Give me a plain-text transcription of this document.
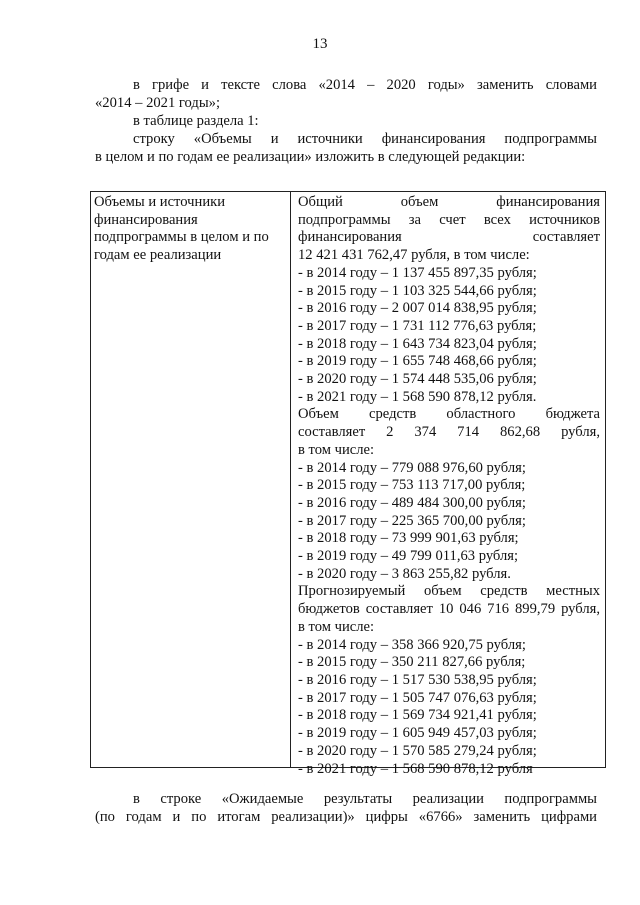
13
в грифе и тексте слова «2014 – 2020 годы» заменить словами
«2014 – 2021 годы»;
в таблице раздела 1:
строку «Объемы и источники финансирования подпрограммы
в целом и по годам ее реализации» изложить в следующей редакции:
Объемы и источники
финансирования
подпрограммы в целом и по
годам ее реализации
Общий объем финансирования
подпрограммы за счет всех источников
финансирования составляет
12 421 431 762,47 рубля, в том числе:
- в 2014 году – 1 137 455 897,35 рубля;
- в 2015 году – 1 103 325 544,66 рубля;
- в 2016 году – 2 007 014 838,95 рубля;
- в 2017 году – 1 731 112 776,63 рубля;
- в 2018 году – 1 643 734 823,04 рубля;
- в 2019 году – 1 655 748 468,66 рубля;
- в 2020 году – 1 574 448 535,06 рубля;
- в 2021 году – 1 568 590 878,12 рубля.
Объем средств областного бюджета
составляет 2 374 714 862,68 рубля,
в том числе:
- в 2014 году – 779 088 976,60 рубля;
- в 2015 году – 753 113 717,00 рубля;
- в 2016 году – 489 484 300,00 рубля;
- в 2017 году – 225 365 700,00 рубля;
- в 2018 году – 73 999 901,63 рубля;
- в 2019 году – 49 799 011,63 рубля;
- в 2020 году – 3 863 255,82 рубля.
Прогнозируемый объем средств местных
бюджетов составляет 10 046 716 899,79 рубля,
в том числе:
- в 2014 году – 358 366 920,75 рубля;
- в 2015 году – 350 211 827,66 рубля;
- в 2016 году – 1 517 530 538,95 рубля;
- в 2017 году – 1 505 747 076,63 рубля;
- в 2018 году – 1 569 734 921,41 рубля;
- в 2019 году – 1 605 949 457,03 рубля;
- в 2020 году – 1 570 585 279,24 рубля;
- в 2021 году – 1 568 590 878,12 рубля
в строке «Ожидаемые результаты реализации подпрограммы
(по годам и по итогам реализации)» цифры «6766» заменить цифрами
